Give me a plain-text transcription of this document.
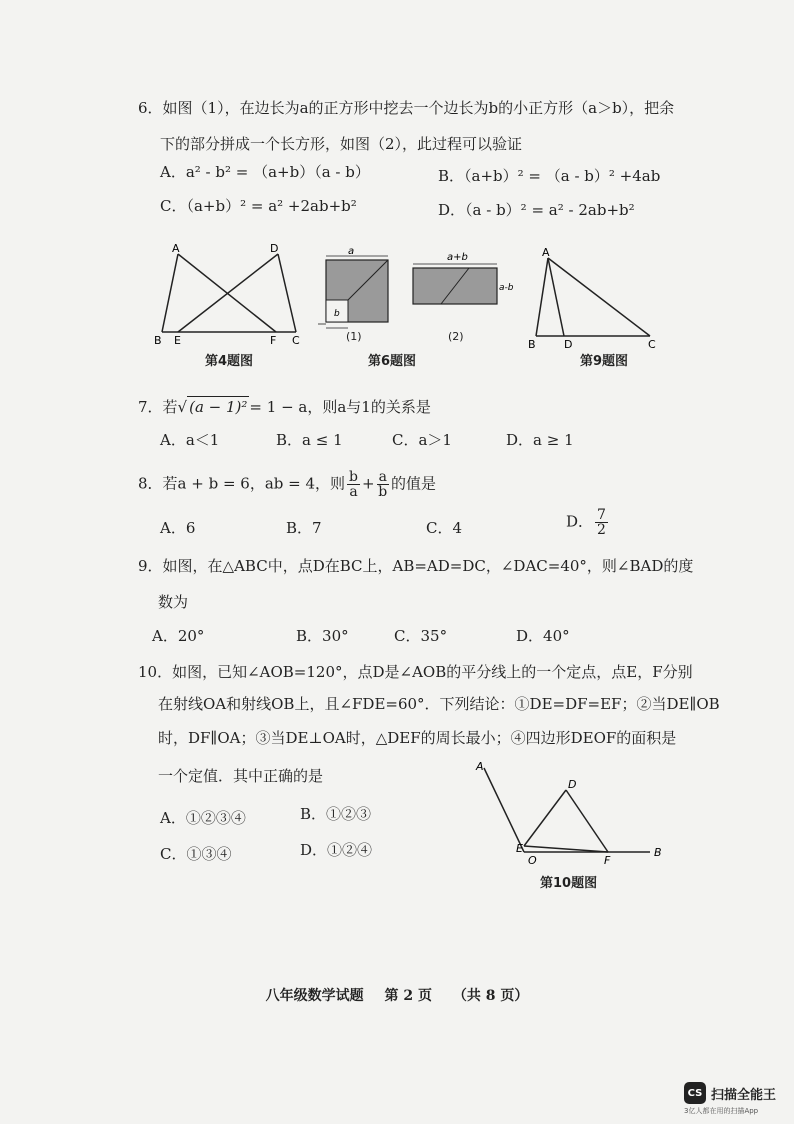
6．如图（1），在边长为a的正方形中挖去一个边长为b的小正方形（a＞b），把余
下的部分拼成一个长方形，如图（2），此过程可以验证
A．a² - b² = （a+b）（a - b）	B．（a+b）² = （a - b）² +4ab
C．（a+b）² = a² +2ab+b²	D．（a - b）² = a² - 2ab+b²
A	D
B E	F C
第4题图
a
b
(1)
a+b
a-b
(2)
第6题图
A
B	D	C
第9题图
7．若√ (a − 1)² = 1 − a，则a与1的关系是
A．a＜1	B．a ≤ 1	C．a＞1	D．a ≥ 1
8．若a + b = 6，ab = 4，则 $\frac{b}{a} + \frac{a}{b}$ 的值是
A．6	B．7	C．4	D． $\frac{7}{2}$
9．如图，在△ABC中，点D在BC上，AB=AD=DC，∠DAC=40°，则∠BAD的度
数为
A．20°	B．30°	C．35°	D．40°
10．如图，已知∠AOB=120°，点D是∠AOB的平分线上的一个定点，点E，F分别
在射线OA和射线OB上，且∠FDE=60°．下列结论：①DE=DF=EF；②当DE∥OB
时，DF∥OA；③当DE⊥OA时，△DEF的周长最小；④四边形DEOF的面积是
一个定值．其中正确的是
A．①②③④	B．①②③
C．①③④	D．①②④
A
D
E
O	F
B
第10题图
八年级数学试题 第 2 页 （共 8 页）
CS 扫描全能王
3亿人都在用的扫描App
